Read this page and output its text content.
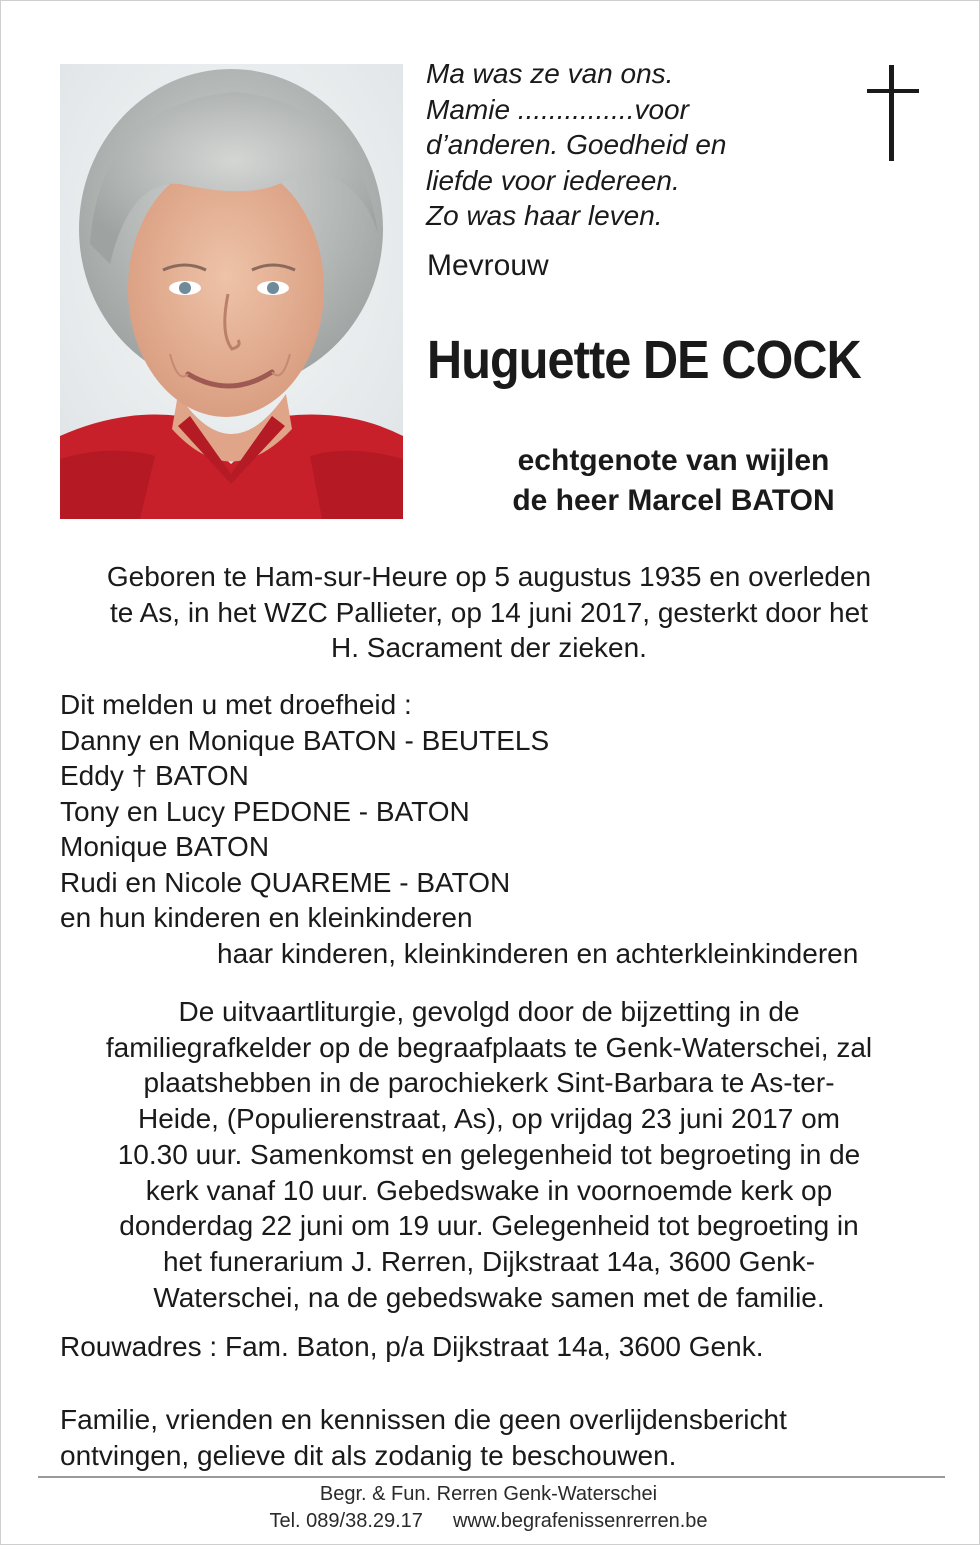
Ma was ze van ons.
Mamie ...............voor
d’anderen. Goedheid en
liefde voor iedereen.
Zo was haar leven.
Mevrouw
Huguette DE COCK
echtgenote van wijlen
de heer Marcel BATON
Geboren te Ham-sur-Heure op 5 augustus 1935 en overleden
te As, in het WZC Pallieter, op 14 juni 2017, gesterkt door het
H. Sacrament der zieken.
Dit melden u met droefheid :
Danny en Monique BATON - BEUTELS
Eddy † BATON
Tony en Lucy PEDONE - BATON
Monique BATON
Rudi en Nicole QUAREME - BATON
en hun kinderen en kleinkinderen
haar kinderen, kleinkinderen en achterkleinkinderen
De uitvaartliturgie, gevolgd door de bijzetting in de
familiegrafkelder op de begraafplaats te Genk-Waterschei, zal
plaatshebben in de parochiekerk Sint-Barbara te As-ter-
Heide, (Populierenstraat, As), op vrijdag 23 juni 2017 om
10.30 uur. Samenkomst en gelegenheid tot begroeting in de
kerk vanaf 10 uur. Gebedswake in voornoemde kerk op
donderdag 22 juni om 19 uur. Gelegenheid tot begroeting in
het funerarium J. Rerren, Dijkstraat 14a, 3600 Genk-
Waterschei, na de gebedswake samen met de familie.
Rouwadres : Fam. Baton, p/a Dijkstraat 14a, 3600 Genk.
Familie, vrienden en kennissen die geen overlijdensbericht
ontvingen, gelieve dit als zodanig te beschouwen.
Begr. & Fun. Rerren Genk-Waterschei
Tel. 089/38.29.17 www.begrafenissenrerren.be
